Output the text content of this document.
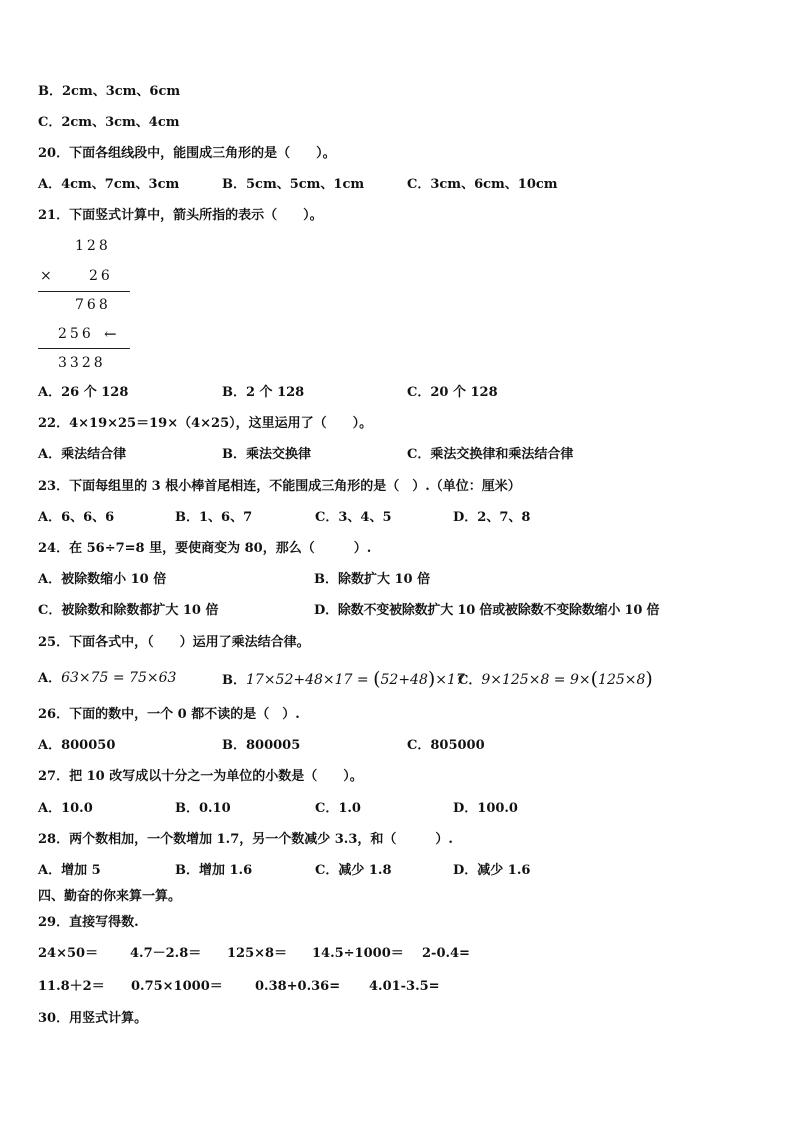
B．2cm、3cm、6cm
C．2cm、3cm、4cm
20．下面各组线段中，能围成三角形的是（　　）。
A．4cm、7cm、3cm	B．5cm、5cm、1cm	C．3cm、6cm、10cm
21．下面竖式计算中，箭头所指的表示（　　）。
128
× 26
768
256 ←
3328
A．26 个 128	B．2 个 128	C．20 个 128
22．4×19×25＝19×（4×25），这里运用了（　　）。
A．乘法结合律	B．乘法交换律	C．乘法交换律和乘法结合律
23．下面每组里的 3 根小棒首尾相连，不能围成三角形的是（　）.（单位：厘米）
A．6、6、6	B．1、6、7	C．3、4、5	D．2、7、8
24．在 56÷7=8 里，要使商变为 80，那么（　　　）.
A．被除数缩小 10 倍	B．除数扩大 10 倍
C．被除数和除数都扩大 10 倍	D．除数不变被除数扩大 10 倍或被除数不变除数缩小 10 倍
25．下面各式中，（　　）运用了乘法结合律。
A．63×75 = 75×63	B．17×52+48×17 = (52+48)×17
C．9×125×8 = 9×(125×8)
26．下面的数中，一个 0 都不读的是（　）.
A．800050	B．800005	C．805000
27．把 10 改写成以十分之一为单位的小数是（　　）。
A．10.0	B．0.10	C．1.0	D．100.0
28．两个数相加，一个数增加 1.7，另一个数减少 3.3，和（　　　）.
A．增加 5	B．增加 1.6	C．减少 1.8	D．减少 1.6
四、勤奋的你来算一算。
29．直接写得数.
24×50＝ 4.7－2.8＝ 125×8＝ 14.5÷1000＝ 2-0.4=
11.8＋2＝ 0.75×1000＝ 0.38+0.36= 4.01-3.5=
30．用竖式计算。
